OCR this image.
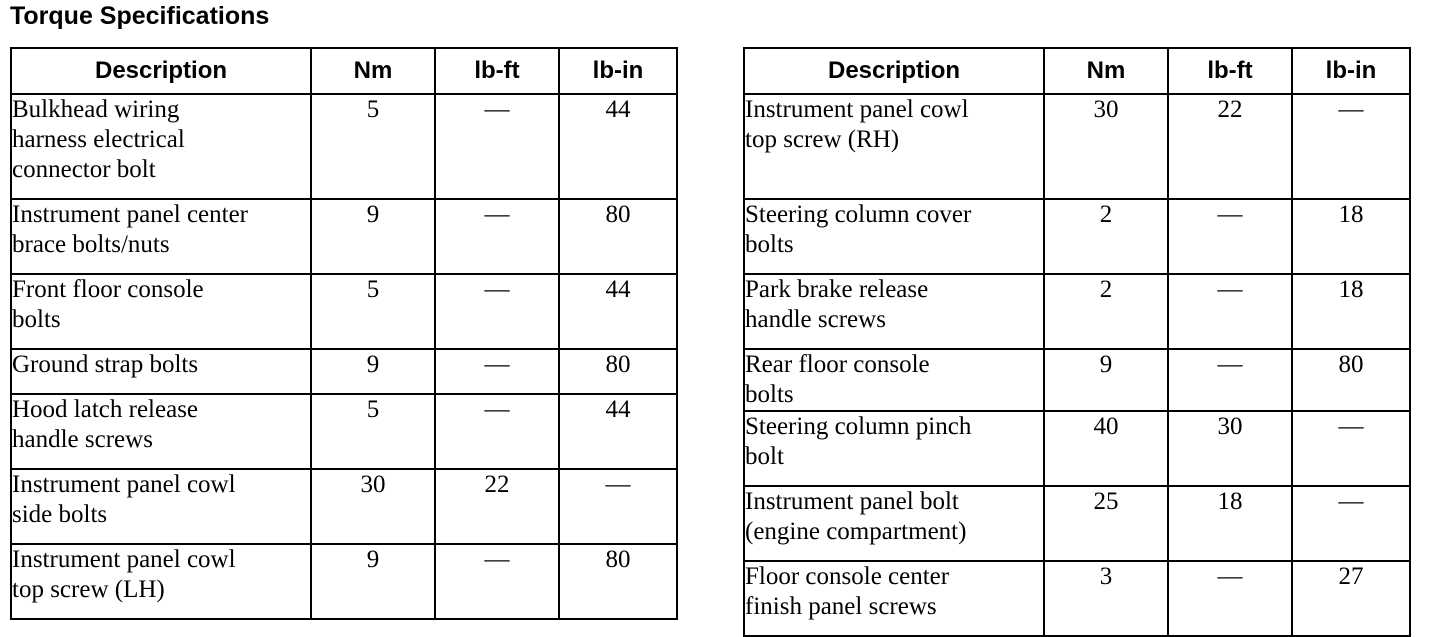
Torque Specifications
Description	Nm	lb-ft	lb-in

Bulkhead wiring
harness electrical
connector bolt	5	—	44

Instrument panel center
brace bolts/nuts	9	—	80

Front floor console
bolts	5	—	44

Ground strap bolts	9	—	80

Hood latch release
handle screws	5	—	44

Instrument panel cowl
side bolts	30	22	—

Instrument panel cowl
top screw (LH)	9	—	80
Description	Nm	lb-ft	lb-in

Instrument panel cowl
top screw (RH)	30	22	—

Steering column cover
bolts	2	—	18

Park brake release
handle screws	2	—	18

Rear floor console
bolts	9	—	80

Steering column pinch
bolt	40	30	—

Instrument panel bolt
(engine compartment)	25	18	—

Floor console center
finish panel screws	3	—	27
